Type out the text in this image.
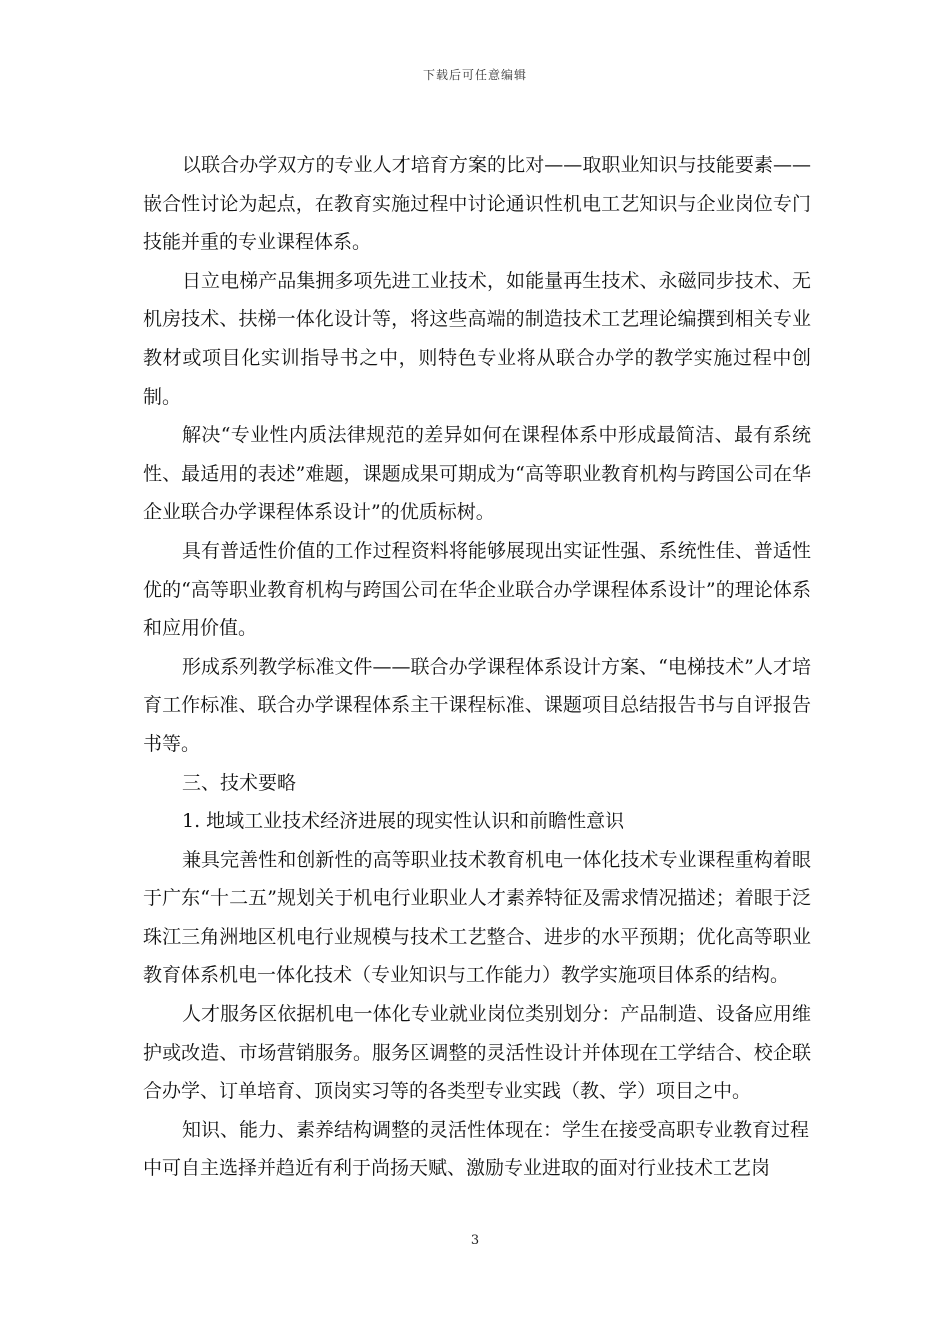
下载后可任意编辑

以联合办学双方的专业人才培育方案的比对——取职业知识与技能要素——嵌合性讨论为起点，在教育实施过程中讨论通识性机电工艺知识与企业岗位专门技能并重的专业课程体系。

日立电梯产品集拥多项先进工业技术，如能量再生技术、永磁同步技术、无机房技术、扶梯一体化设计等，将这些高端的制造技术工艺理论编撰到相关专业教材或项目化实训指导书之中，则特色专业将从联合办学的教学实施过程中创制。

解决“专业性内质法律规范的差异如何在课程体系中形成最简洁、最有系统性、最适用的表述”难题，课题成果可期成为“高等职业教育机构与跨国公司在华企业联合办学课程体系设计”的优质标树。

具有普适性价值的工作过程资料将能够展现出实证性强、系统性佳、普适性优的“高等职业教育机构与跨国公司在华企业联合办学课程体系设计”的理论体系和应用价值。

形成系列教学标准文件——联合办学课程体系设计方案、“电梯技术”人才培育工作标准、联合办学课程体系主干课程标准、课题项目总结报告书与自评报告书等。

三、技术要略

1. 地域工业技术经济进展的现实性认识和前瞻性意识

兼具完善性和创新性的高等职业技术教育机电一体化技术专业课程重构着眼于广东“十二五”规划关于机电行业职业人才素养特征及需求情况描述；着眼于泛珠江三角洲地区机电行业规模与技术工艺整合、进步的水平预期；优化高等职业教育体系机电一体化技术（专业知识与工作能力）教学实施项目体系的结构。

人才服务区依据机电一体化专业就业岗位类别划分：产品制造、设备应用维护或改造、市场营销服务。服务区调整的灵活性设计并体现在工学结合、校企联合办学、订单培育、顶岗实习等的各类型专业实践（教、学）项目之中。

知识、能力、素养结构调整的灵活性体现在：学生在接受高职专业教育过程中可自主选择并趋近有利于尚扬天赋、激励专业进取的面对行业技术工艺岗

3
